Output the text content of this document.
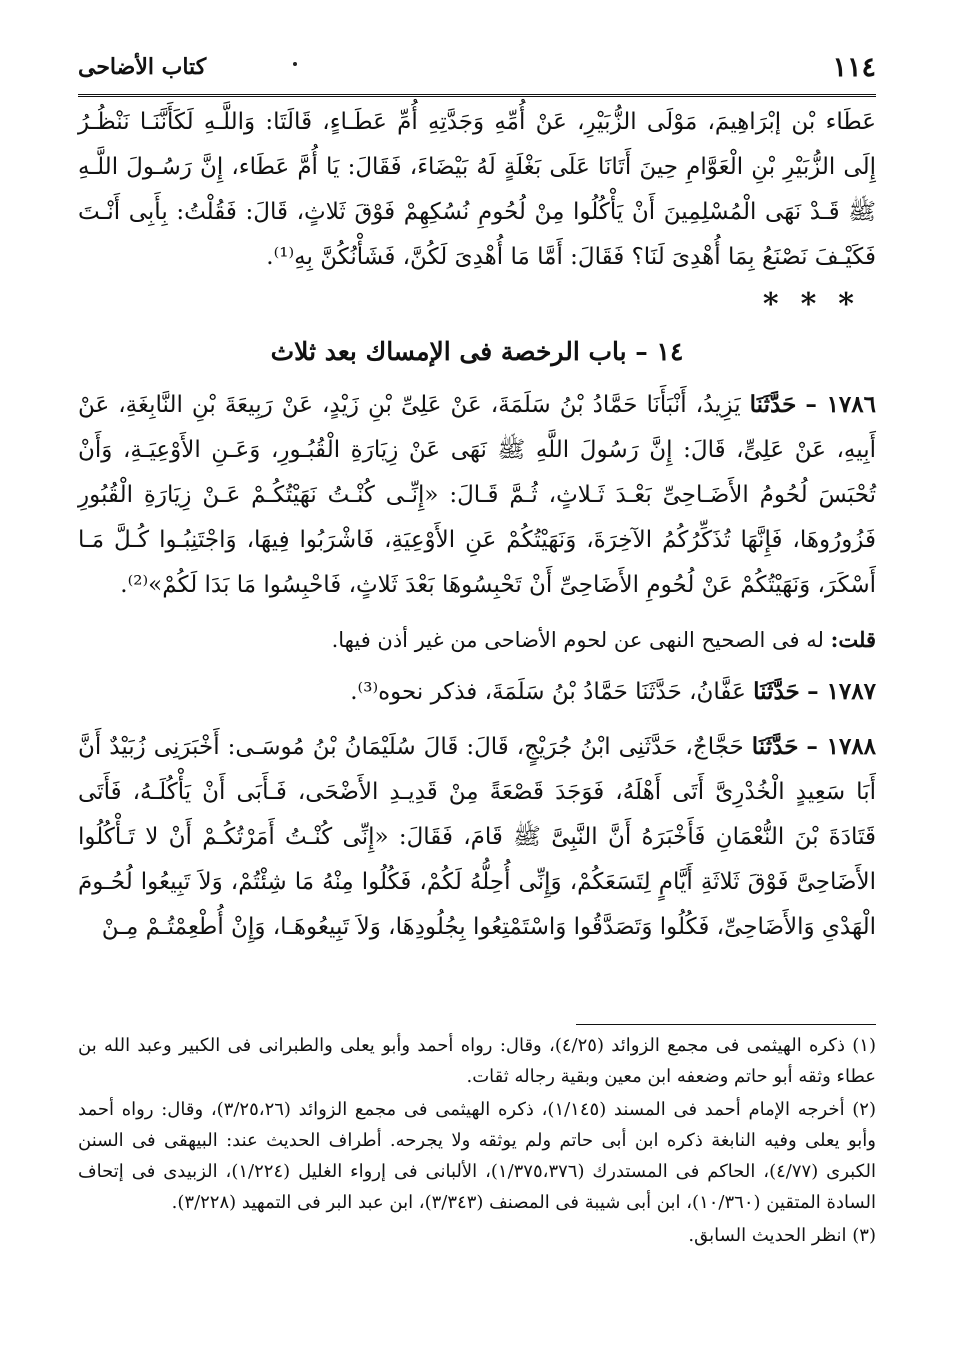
١١٤
كتاب الأضاحى

عَطَاء بْن إبْرَاهِيمَ، مَوْلَى الزُّبَيْرِ، عَنْ أُمِّهِ وَجَدَّتِهِ أُمِّ عَطَـاءٍ، قَالَتَا: وَاللَّـهِ لَكَأَنَّنَـا نَنْظُـرُ إِلَى الزُّبَيْرِ بْنِ الْعَوَّامِ حِينَ أَتَانَا عَلَى بَغْلَةٍ لَهُ بَيْضَاءَ، فَقَالَ: يَا أُمَّ عَطَاء، إِنَّ رَسُـولَ اللَّـهِ ﷺ قَـدْ نَهَى الْمُسْلِمِينَ أَنْ يَأْكُلُوا مِنْ لُحُومِ نُسُكِهِمْ فَوْقَ ثَلاثٍ، قَالَ: فَقُلْتُ: بِأَبِى أَنْـتَ فَكَيْـفَ نَصْنَعُ بِمَا أُهْدِىَ لَنَا؟ فَقَالَ: أَمَّا مَا أُهْدِىَ لَكُنَّ، فَشَأْنُكُنَّ بِهِ⁽¹⁾.

***

١٤ – باب الرخصة فى الإمساك بعد ثلاث

١٧٨٦ – حَدَّثَنَا يَزِيدُ، أَنْبَأَنَا حَمَّادُ بْنُ سَلَمَةَ، عَنْ عَلِىِّ بْنِ زَيْدٍ، عَنْ رَبِيعَةَ بْنِ النَّابِغَةِ، عَنْ أَبِيهِ، عَنْ عَلِىٍّ، قَالَ: إِنَّ رَسُولَ اللَّهِ ﷺ نَهَى عَنْ زِيَارَةِ الْقُبُـورِ، وَعَـنِ الأَوْعِيَـةِ، وَأَنْ تُحْبَسَ لُحُومُ الأَضَـاحِىِّ بَعْـدَ ثَـلاثٍ، ثُـمَّ قَـالَ: «إِنِّـى كُنْـتُ نَهَيْتُكُـمْ عَـنْ زِيَارَةِ الْقُبُورِ فَزُورُوهَا، فَإِنَّهَا تُذَكِّرُكُمُ الآخِرَةَ، وَنَهَيْتُكُمْ عَنِ الأَوْعِيَةِ، فَاشْرَبُوا فِيهَا، وَاجْتَنِبُـوا كُـلَّ مَـا أَسْكَرَ، وَنَهَيْتُكُمْ عَنْ لُحُومِ الأَضَاحِىِّ أَنْ تَحْبِسُوهَا بَعْدَ ثَلاثٍ، فَاحْبِسُوا مَا بَدَا لَكُمْ»⁽²⁾.

قلت: له فى الصحيح النهى عن لحوم الأضاحى من غير أذن فيها.

١٧٨٧ – حَدَّثَنَا عَفَّانُ، حَدَّثَنَا حَمَّادُ بْنُ سَلَمَةَ، فذكر نحوه⁽³⁾.

١٧٨٨ – حَدَّثَنَا حَجَّاجٌ، حَدَّثَنِى ابْنُ جُرَيْجٍ، قَالَ: قَالَ سُلَيْمَانُ بْنُ مُوسَـى: أَخْبَرَنِى زُبَيْدٌ أَنَّ أَبَا سَعِيدٍ الْخُدْرِىَّ أَتَى أَهْلَهُ، فَوَجَدَ قَصْعَةً مِنْ قَدِيـدِ الأَضْحَى، فَـأَبَى أَنْ يَأْكُلَـهُ، فَأَتَى قَتَادَةَ بْنَ النُّعْمَانِ فَأَخْبَرَهُ أَنَّ النَّبِىَّ ﷺ قَامَ، فَقَالَ: «إِنِّى كُنْـتُ أَمَرْتُكُـمْ أَنْ لا تَـأْكُلُوا الأَضَاحِىَّ فَوْقَ ثَلاثَةِ أَيَّامٍ لِتَسَعَكُمْ، وَإِنِّى أُحِلُّهُ لَكُمْ، فَكُلُوا مِنْهُ مَا شِئْتُمْ، وَلاَ تَبِيعُوا لُحُـومَ الْهَدْىِ وَالأَضَاحِىِّ، فَكُلُوا وَتَصَدَّقُوا وَاسْتَمْتِعُوا بِجُلُودِهَا، وَلاَ تَبِيعُوهَـا، وَإِنْ أُطْعِمْتُـمْ مِـنْ

(١) ذكره الهيثمى فى مجمع الزوائد (٤/٢٥)، وقال: رواه أحمد وأبو يعلى والطبرانى فى الكبير وعبد الله بن عطاء وثقه أبو حاتم وضعفه ابن معين وبقية رجاله ثقات.

(٢) أخرجه الإمام أحمد فى المسند (١/١٤٥)، ذكره الهيثمى فى مجمع الزوائد (٣/٢٥،٢٦)، وقال: رواه أحمد وأبو يعلى وفيه النابغة ذكره ابن أبى حاتم ولم يوثقه ولا يجرحه. أطراف الحديث عند: البيهقى فى السنن الكبرى (٤/٧٧)، الحاكم فى المستدرك (١/٣٧٥،٣٧٦)، الألبانى فى إرواء الغليل (١/٢٢٤)، الزبيدى فى إتحاف السادة المتقين (١٠/٣٦٠)، ابن أبى شيبة فى المصنف (٣/٣٤٣)، ابن عبد البر فى التمهيد (٣/٢٢٨).

(٣) انظر الحديث السابق.
